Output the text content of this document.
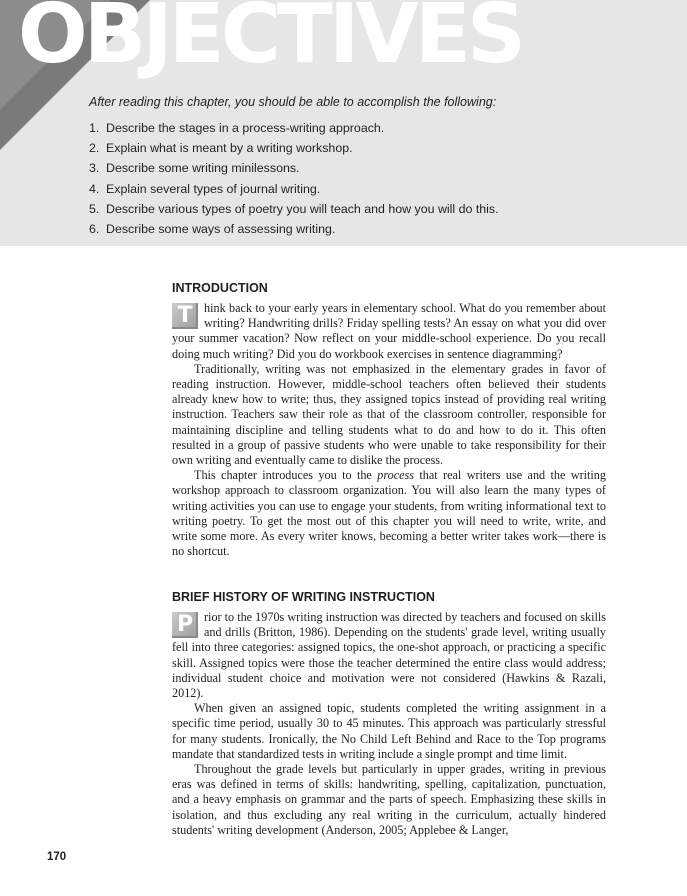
OBJECTIVES
After reading this chapter, you should be able to accomplish the following:
1. Describe the stages in a process-writing approach.
2. Explain what is meant by a writing workshop.
3. Describe some writing minilessons.
4. Explain several types of journal writing.
5. Describe various types of poetry you will teach and how you will do this.
6. Describe some ways of assessing writing.
INTRODUCTION

T hink back to your early years in elementary school. What do you remember about writing? Handwriting drills? Friday spelling tests? An essay on what you did over your summer vacation? Now reflect on your middle-school experience. Do you recall doing much writing? Did you do workbook exercises in sentence diagramming?

Traditionally, writing was not emphasized in the elementary grades in favor of reading instruction. However, middle-school teachers often believed their students already knew how to write; thus, they assigned topics instead of providing real writing instruction. Teachers saw their role as that of the classroom controller, responsible for maintaining discipline and telling students what to do and how to do it. This often resulted in a group of passive students who were unable to take responsibility for their own writing and eventually came to dislike the process.

This chapter introduces you to the process that real writers use and the writing workshop approach to classroom organization. You will also learn the many types of writing activities you can use to engage your students, from writing informational text to writing poetry. To get the most out of this chapter you will need to write, write, and write some more. As every writer knows, becoming a better writer takes work—there is no shortcut.

BRIEF HISTORY OF WRITING INSTRUCTION

P rior to the 1970s writing instruction was directed by teachers and focused on skills and drills (Britton, 1986). Depending on the students' grade level, writing usually fell into three categories: assigned topics, the one-shot approach, or practicing a specific skill. Assigned topics were those the teacher determined the entire class would address; individual student choice and motivation were not considered (Hawkins & Razali, 2012).

When given an assigned topic, students completed the writing assignment in a specific time period, usually 30 to 45 minutes. This approach was particularly stressful for many students. Ironically, the No Child Left Behind and Race to the Top programs mandate that standardized tests in writing include a single prompt and time limit.

Throughout the grade levels but particularly in upper grades, writing in previous eras was defined in terms of skills: handwriting, spelling, capitalization, punctuation, and a heavy emphasis on grammar and the parts of speech. Emphasizing these skills in isolation, and thus excluding any real writing in the curriculum, actually hindered students' writing development (Anderson, 2005; Applebee & Langer,

170
